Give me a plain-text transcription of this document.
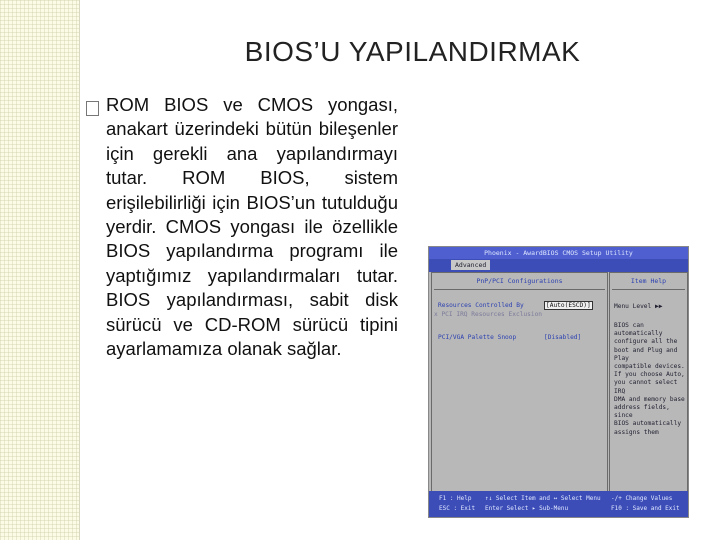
BIOS’U YAPILANDIRMAK
ROM BIOS ve CMOS yongası, anakart üzerindeki bütün bileşenler için gerekli ana yapılandırmayı tutar. ROM BIOS, sistem erişilebilirliği için BIOS’un tutulduğu yerdir. CMOS yongası ile özellikle BIOS yapılandırma programı ile yaptığımız yapılandırmaları tutar. BIOS yapılandırması, sabit disk sürücü ve CD-ROM sürücü tipini ayarlamamıza olanak sağlar.
Phoenix - AwardBIOS CMOS Setup Utility
Advanced
PnP/PCI Configurations
Resources Controlled By	[Auto(ESCD)]
x PCI IRQ Resources Exclusion
PCI/VGA Palette Snoop	[Disabled]
Item Help
Menu Level ▶▶
BIOS can automatically
configure all the
boot and Plug and Play
compatible devices.
If you choose Auto,
you cannot select IRQ
DMA and memory base
address fields, since
BIOS automatically
assigns them
F1 : Help
ESC : Exit
↑↓ Select Item and ↔ Select Menu
Enter Select ▸ Sub-Menu
-/+ Change Values
F10 : Save and Exit
